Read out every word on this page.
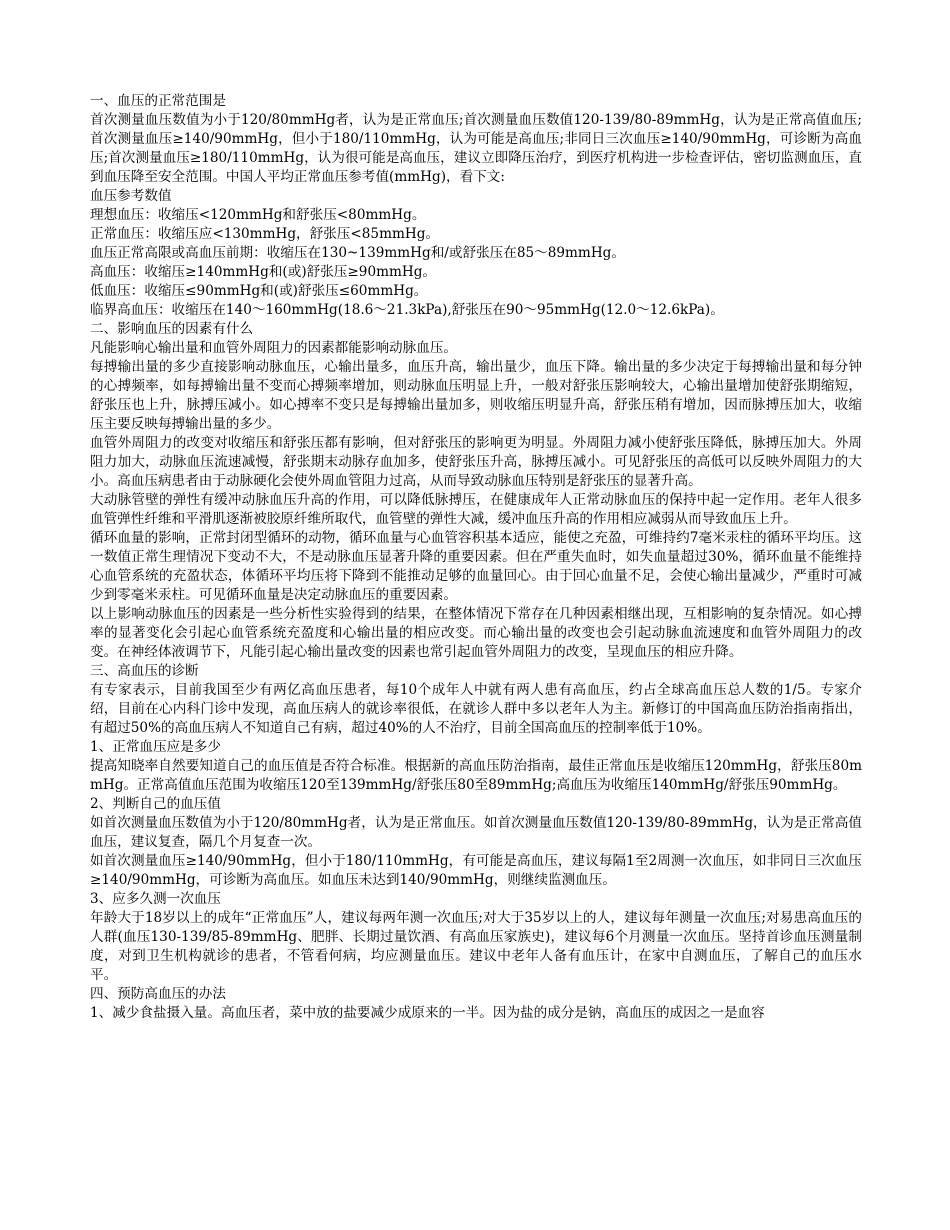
一、血压的正常范围是

首次测量血压数值为小于120/80mmHg者，认为是正常血压;首次测量血压数值120-139/80-89mmHg，认为是正常高值血压;首次测量血压≥140/90mmHg，但小于180/110mmHg，认为可能是高血压;非同日三次血压≥140/90mmHg，可诊断为高血压;首次测量血压≥180/110mmHg，认为很可能是高血压，建议立即降压治疗，到医疗机构进一步检查评估，密切监测血压，直到血压降至安全范围。中国人平均正常血压参考值(mmHg)，看下文:

血压参考数值

理想血压：收缩压<120mmHg和舒张压<80mmHg。

正常血压：收缩压应<130mmHg，舒张压<85mmHg。

血压正常高限或高血压前期：收缩压在130~139mmHg和/或舒张压在85～89mmHg。

高血压：收缩压≥140mmHg和(或)舒张压≥90mmHg。

低血压：收缩压≤90mmHg和(或)舒张压≤60mmHg。

临界高血压：收缩压在140～160mmHg(18.6～21.3kPa),舒张压在90～95mmHg(12.0～12.6kPa)。

二、影响血压的因素有什么

凡能影响心输出量和血管外周阻力的因素都能影响动脉血压。

每搏输出量的多少直接影响动脉血压，心输出量多，血压升高，输出量少，血压下降。输出量的多少决定于每搏输出量和每分钟的心搏频率，如每搏输出量不变而心搏频率增加，则动脉血压明显上升，一般对舒张压影响较大，心输出量增加使舒张期缩短，舒张压也上升，脉搏压减小。如心搏率不变只是每搏输出量加多，则收缩压明显升高，舒张压稍有增加，因而脉搏压加大，收缩压主要反映每搏输出量的多少。

血管外周阻力的改变对收缩压和舒张压都有影响，但对舒张压的影响更为明显。外周阻力减小使舒张压降低，脉搏压加大。外周阻力加大，动脉血压流速减慢，舒张期末动脉存血加多，使舒张压升高，脉搏压减小。可见舒张压的高低可以反映外周阻力的大小。高血压病患者由于动脉硬化会使外周血管阻力过高，从而导致动脉血压特别是舒张压的显著升高。

大动脉管壁的弹性有缓冲动脉血压升高的作用，可以降低脉搏压，在健康成年人正常动脉血压的保持中起一定作用。老年人很多血管弹性纤维和平滑肌逐渐被胶原纤维所取代，血管壁的弹性大减，缓冲血压升高的作用相应减弱从而导致血压上升。

循环血量的影响，正常封闭型循环的动物，循环血量与心血管容积基本适应，能使之充盈，可维持约7毫米汞柱的循环平均压。这一数值正常生理情况下变动不大，不是动脉血压显著升降的重要因素。但在严重失血时，如失血量超过30%，循环血量不能维持心血管系统的充盈状态，体循环平均压将下降到不能推动足够的血量回心。由于回心血量不足，会使心输出量减少，严重时可减少到零毫米汞柱。可见循环血量是决定动脉血压的重要因素。

以上影响动脉血压的因素是一些分析性实验得到的结果，在整体情况下常存在几种因素相继出现，互相影响的复杂情况。如心搏率的显著变化会引起心血管系统充盈度和心输出量的相应改变。而心输出量的改变也会引起动脉血流速度和血管外周阻力的改变。在神经体液调节下，凡能引起心输出量改变的因素也常引起血管外周阻力的改变，呈现血压的相应升降。

三、高血压的诊断

有专家表示，目前我国至少有两亿高血压患者，每10个成年人中就有两人患有高血压，约占全球高血压总人数的1/5。专家介绍，目前在心内科门诊中发现，高血压病人的就诊率很低，在就诊人群中多以老年人为主。新修订的中国高血压防治指南指出，有超过50%的高血压病人不知道自己有病，超过40%的人不治疗，目前全国高血压的控制率低于10%。

1、正常血压应是多少

提高知晓率自然要知道自己的血压值是否符合标准。根据新的高血压防治指南，最佳正常血压是收缩压120mmHg，舒张压80mmHg。正常高值血压范围为收缩压120至139mmHg/舒张压80至89mmHg;高血压为收缩压140mmHg/舒张压90mmHg。

2、判断自己的血压值

如首次测量血压数值为小于120/80mmHg者，认为是正常血压。如首次测量血压数值120-139/80-89mmHg，认为是正常高值血压，建议复查，隔几个月复查一次。

如首次测量血压≥140/90mmHg，但小于180/110mmHg，有可能是高血压，建议每隔1至2周测一次血压，如非同日三次血压≥140/90mmHg，可诊断为高血压。如血压未达到140/90mmHg，则继续监测血压。

3、应多久测一次血压

年龄大于18岁以上的成年“正常血压”人，建议每两年测一次血压;对大于35岁以上的人，建议每年测量一次血压;对易患高血压的人群(血压130-139/85-89mmHg、肥胖、长期过量饮酒、有高血压家族史)，建议每6个月测量一次血压。坚持首诊血压测量制度，对到卫生机构就诊的患者，不管看何病，均应测量血压。建议中老年人备有血压计，在家中自测血压，了解自己的血压水平。

四、预防高血压的办法

1、减少食盐摄入量。高血压者，菜中放的盐要减少成原来的一半。因为盐的成分是钠，高血压的成因之一是血容
